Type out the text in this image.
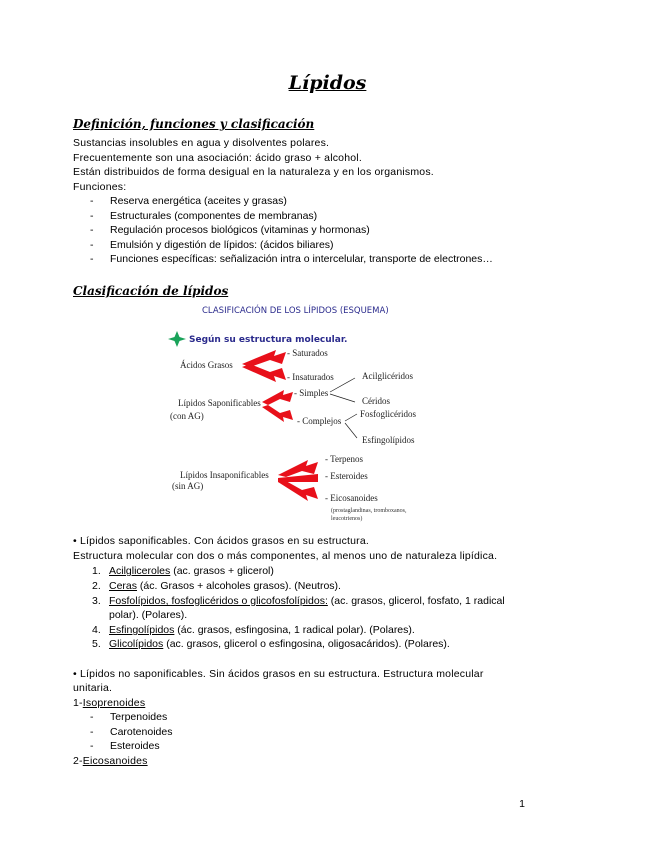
Lípidos
Definición, funciones y clasificación
Sustancias insolubles en agua y disolventes polares.
Frecuentemente son una asociación: ácido graso + alcohol.
Están distribuidos de forma desigual en la naturaleza y en los organismos.
Funciones:
- Reserva energética (aceites y grasas)
- Estructurales (componentes de membranas)
- Regulación procesos biológicos (vitaminas y hormonas)
- Emulsión y digestión de lípidos: (ácidos biliares)
- Funciones específicas: señalización intra o intercelular, transporte de electrones…
Clasificación de lípidos
CLASIFICACIÓN DE LOS LÍPIDOS (ESQUEMA)
Según su estructura molecular.
Ácidos Grasos
- Saturados
- Insaturados
Lípidos Saponificables
(con AG)
- Simples
- Complejos
Acilglicéridos
Céridos
Fosfoglicéridos
Esfingolípidos
Lípidos Insaponificables
(sin AG)
- Terpenos
- Esteroides
- Eicosanoides
(prostaglandinas, tromboxanos,
leucotrienos)
• Lípidos saponificables. Con ácidos grasos en su estructura.
Estructura molecular con dos o más componentes, al menos uno de naturaleza lipídica.
1. Acilgliceroles (ac. grasos + glicerol)
2. Ceras (ác. Grasos + alcoholes grasos). (Neutros).
3. Fosfolípidos, fosfoglicéridos o glicofosfolípidos: (ac. grasos, glicerol, fosfato, 1 radical
polar). (Polares).
4. Esfingolípidos (ác. grasos, esfingosina, 1 radical polar). (Polares).
5. Glicolípidos (ac. grasos, glicerol o esfingosina, oligosacáridos). (Polares).
• Lípidos no saponificables. Sin ácidos grasos en su estructura. Estructura molecular
unitaria.
1-Isoprenoides
- Terpenoides
- Carotenoides
- Esteroides
2-Eicosanoides
1
